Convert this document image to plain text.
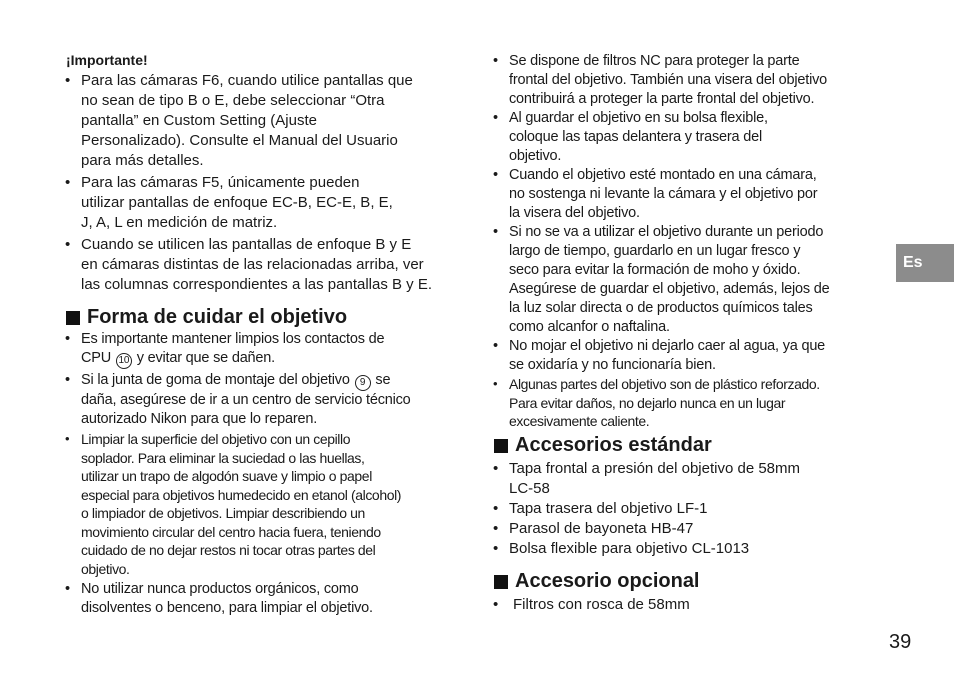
¡Importante!
• Para las cámaras F6, cuando utilice pantallas que
no sean de tipo B o E, debe seleccionar “Otra
pantalla” en Custom Setting (Ajuste
Personalizado). Consulte el Manual del Usuario
para más detalles.
• Para las cámaras F5, únicamente pueden
utilizar pantallas de enfoque EC-B, EC-E, B, E,
J, A, L en medición de matriz.
• Cuando se utilicen las pantallas de enfoque B y E
en cámaras distintas de las relacionadas arriba, ver
las columnas correspondientes a las pantallas B y E.
Forma de cuidar el objetivo
• Es importante mantener limpios los contactos de
CPU 10 y evitar que se dañen.
• Si la junta de goma de montaje del objetivo 9 se
daña, asegúrese de ir a un centro de servicio técnico
autorizado Nikon para que lo reparen.
• Limpiar la superficie del objetivo con un cepillo
soplador. Para eliminar la suciedad o las huellas,
utilizar un trapo de algodón suave y limpio o papel
especial para objetivos humedecido en etanol (alcohol)
o limpiador de objetivos. Limpiar describiendo un
movimiento circular del centro hacia fuera, teniendo
cuidado de no dejar restos ni tocar otras partes del
objetivo.
• No utilizar nunca productos orgánicos, como
disolventes o benceno, para limpiar el objetivo.
• Se dispone de filtros NC para proteger la parte
frontal del objetivo. También una visera del objetivo
contribuirá a proteger la parte frontal del objetivo.
• Al guardar el objetivo en su bolsa flexible,
coloque las tapas delantera y trasera del
objetivo.
• Cuando el objetivo esté montado en una cámara,
no sostenga ni levante la cámara y el objetivo por
la visera del objetivo.
• Si no se va a utilizar el objetivo durante un periodo
largo de tiempo, guardarlo en un lugar fresco y
seco para evitar la formación de moho y óxido.
Asegúrese de guardar el objetivo, además, lejos de
la luz solar directa o de productos químicos tales
como alcanfor o naftalina.
• No mojar el objetivo ni dejarlo caer al agua, ya que
se oxidaría y no funcionaría bien.
• Algunas partes del objetivo son de plástico reforzado.
Para evitar daños, no dejarlo nunca en un lugar
excesivamente caliente.
Accesorios estándar
• Tapa frontal a presión del objetivo de 58mm
LC-58
• Tapa trasera del objetivo LF-1
• Parasol de bayoneta HB-47
• Bolsa flexible para objetivo CL-1013
Accesorio opcional
• Filtros con rosca de 58mm
Es
39
